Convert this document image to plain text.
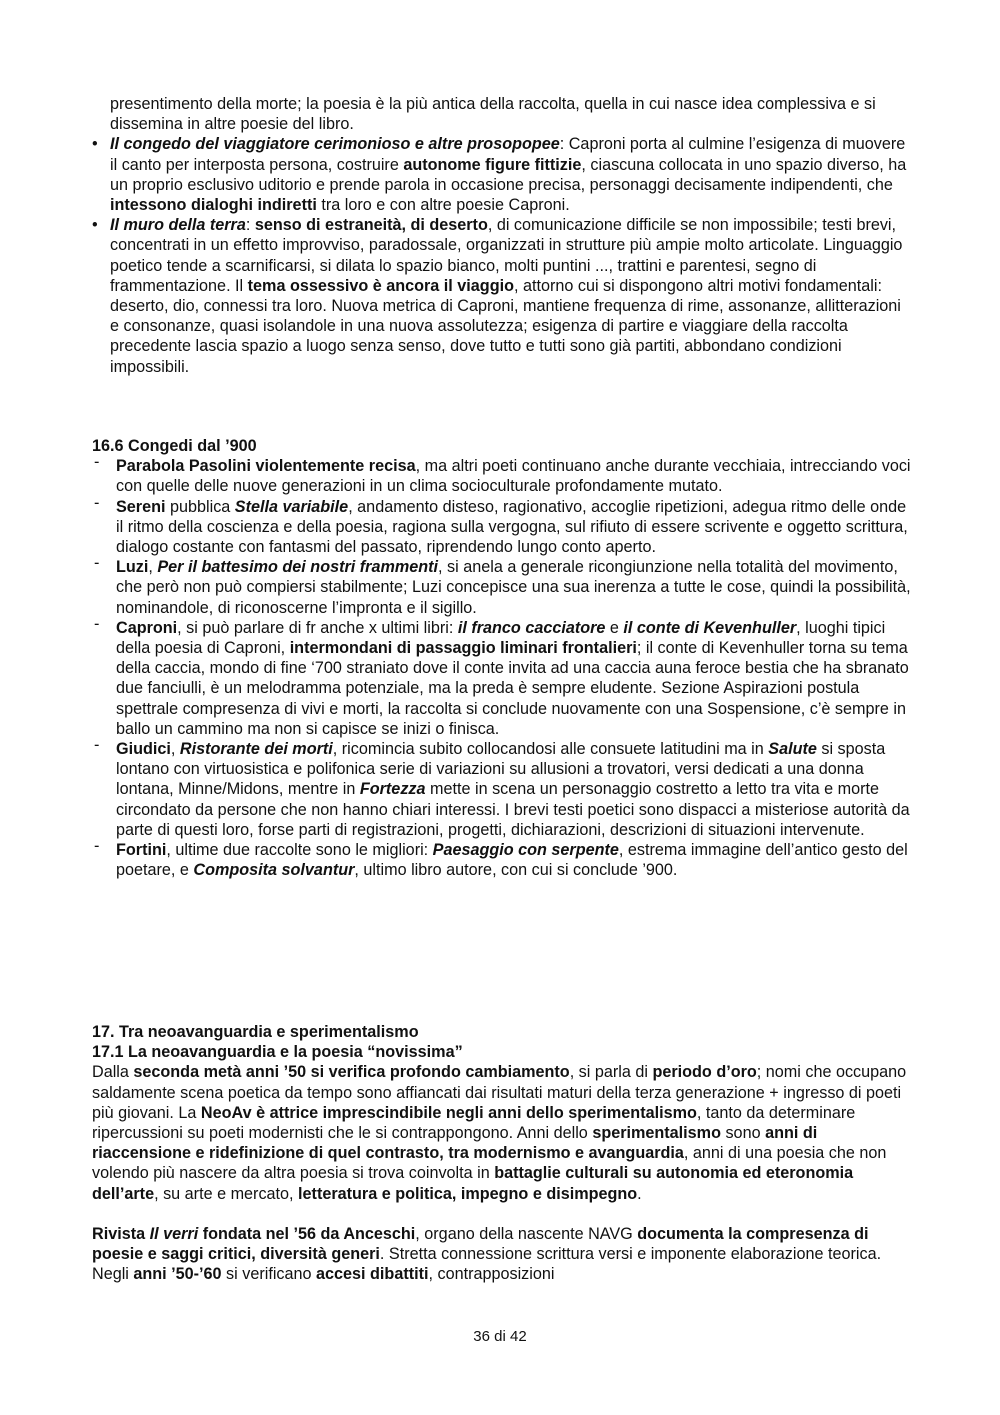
presentimento della morte; la poesia è la più antica della raccolta, quella in cui nasce idea complessiva e si dissemina in altre poesie del libro.
• Il congedo del viaggiatore cerimonioso e altre prosopopee: Caproni porta al culmine l’esigenza di muovere il canto per interposta persona, costruire autonome figure fittizie, ciascuna collocata in uno spazio diverso, ha un proprio esclusivo uditorio e prende parola in occasione precisa, personaggi decisamente indipendenti, che intessono dialoghi indiretti tra loro e con altre poesie Caproni.
• Il muro della terra: senso di estraneità, di deserto, di comunicazione difficile se non impossibile; testi brevi, concentrati in un effetto improvviso, paradossale, organizzati in strutture più ampie molto articolate. Linguaggio poetico tende a scarnificarsi, si dilata lo spazio bianco, molti puntini ..., trattini e parentesi, segno di frammentazione. Il tema ossessivo è ancora il viaggio, attorno cui si dispongono altri motivi fondamentali: deserto, dio, connessi tra loro. Nuova metrica di Caproni, mantiene frequenza di rime, assonanze, allitterazioni e consonanze, quasi isolandole in una nuova assolutezza; esigenza di partire e viaggiare della raccolta precedente lascia spazio a luogo senza senso, dove tutto e tutti sono già partiti, abbondano condizioni impossibili.
16.6 Congedi dal ’900
- Parabola Pasolini violentemente recisa, ma altri poeti continuano anche durante vecchiaia, intrecciando voci con quelle delle nuove generazioni in un clima socioculturale profondamente mutato.
- Sereni pubblica Stella variabile, andamento disteso, ragionativo, accoglie ripetizioni, adegua ritmo delle onde il ritmo della coscienza e della poesia, ragiona sulla vergogna, sul rifiuto di essere scrivente e oggetto scrittura, dialogo costante con fantasmi del passato, riprendendo lungo conto aperto.
- Luzi, Per il battesimo dei nostri frammenti, si anela a generale ricongiunzione nella totalità del movimento, che però non può compiersi stabilmente; Luzi concepisce una sua inerenza a tutte le cose, quindi la possibilità, nominandole, di riconoscerne l’impronta e il sigillo.
- Caproni, si può parlare di fr anche x ultimi libri: il franco cacciatore e il conte di Kevenhuller, luoghi tipici della poesia di Caproni, intermondani di passaggio liminari frontalieri; il conte di Kevenhuller torna su tema della caccia, mondo di fine ‘700 straniato dove il conte invita ad una caccia auna feroce bestia che ha sbranato due fanciulli, è un melodramma potenziale, ma la preda è sempre eludente. Sezione Aspirazioni postula spettrale compresenza di vivi e morti, la raccolta si conclude nuovamente con una Sospensione, c’è sempre in ballo un cammino ma non si capisce se inizi o finisca.
- Giudici, Ristorante dei morti, ricomincia subito collocandosi alle consuete latitudini ma in Salute si sposta lontano con virtuosistica e polifonica serie di variazioni su allusioni a trovatori, versi dedicati a una donna lontana, Minne/Midons, mentre in Fortezza mette in scena un personaggio costretto a letto tra vita e morte circondato da persone che non hanno chiari interessi. I brevi testi poetici sono dispacci a misteriose autorità da parte di questi loro, forse parti di registrazioni, progetti, dichiarazioni, descrizioni di situazioni intervenute.
- Fortini, ultime due raccolte sono le migliori: Paesaggio con serpente, estrema immagine dell’antico gesto del poetare, e Composita solvantur, ultimo libro autore, con cui si conclude ’900.
17. Tra neoavanguardia e sperimentalismo
17.1 La neoavanguardia e la poesia “novissima”

Dalla seconda metà anni ’50 si verifica profondo cambiamento, si parla di periodo d’oro; nomi che occupano saldamente scena poetica da tempo sono affiancati dai risultati maturi della terza generazione + ingresso di poeti più giovani. La NeoAv è attrice imprescindibile negli anni dello sperimentalismo, tanto da determinare ripercussioni su poeti modernisti che le si contrappongono. Anni dello sperimentalismo sono anni di riaccensione e ridefinizione di quel contrasto, tra modernismo e avanguardia, anni di una poesia che non volendo più nascere da altra poesia si trova coinvolta in battaglie culturali su autonomia ed eteronomia dell’arte, su arte e mercato, letteratura e politica, impegno e disimpegno.

Rivista Il verri fondata nel ’56 da Anceschi, organo della nascente NAVG documenta la compresenza di poesie e saggi critici, diversità generi. Stretta connessione scrittura versi e imponente elaborazione teorica. Negli anni ’50-’60 si verificano accesi dibattiti, contrapposizioni

36 di 42
